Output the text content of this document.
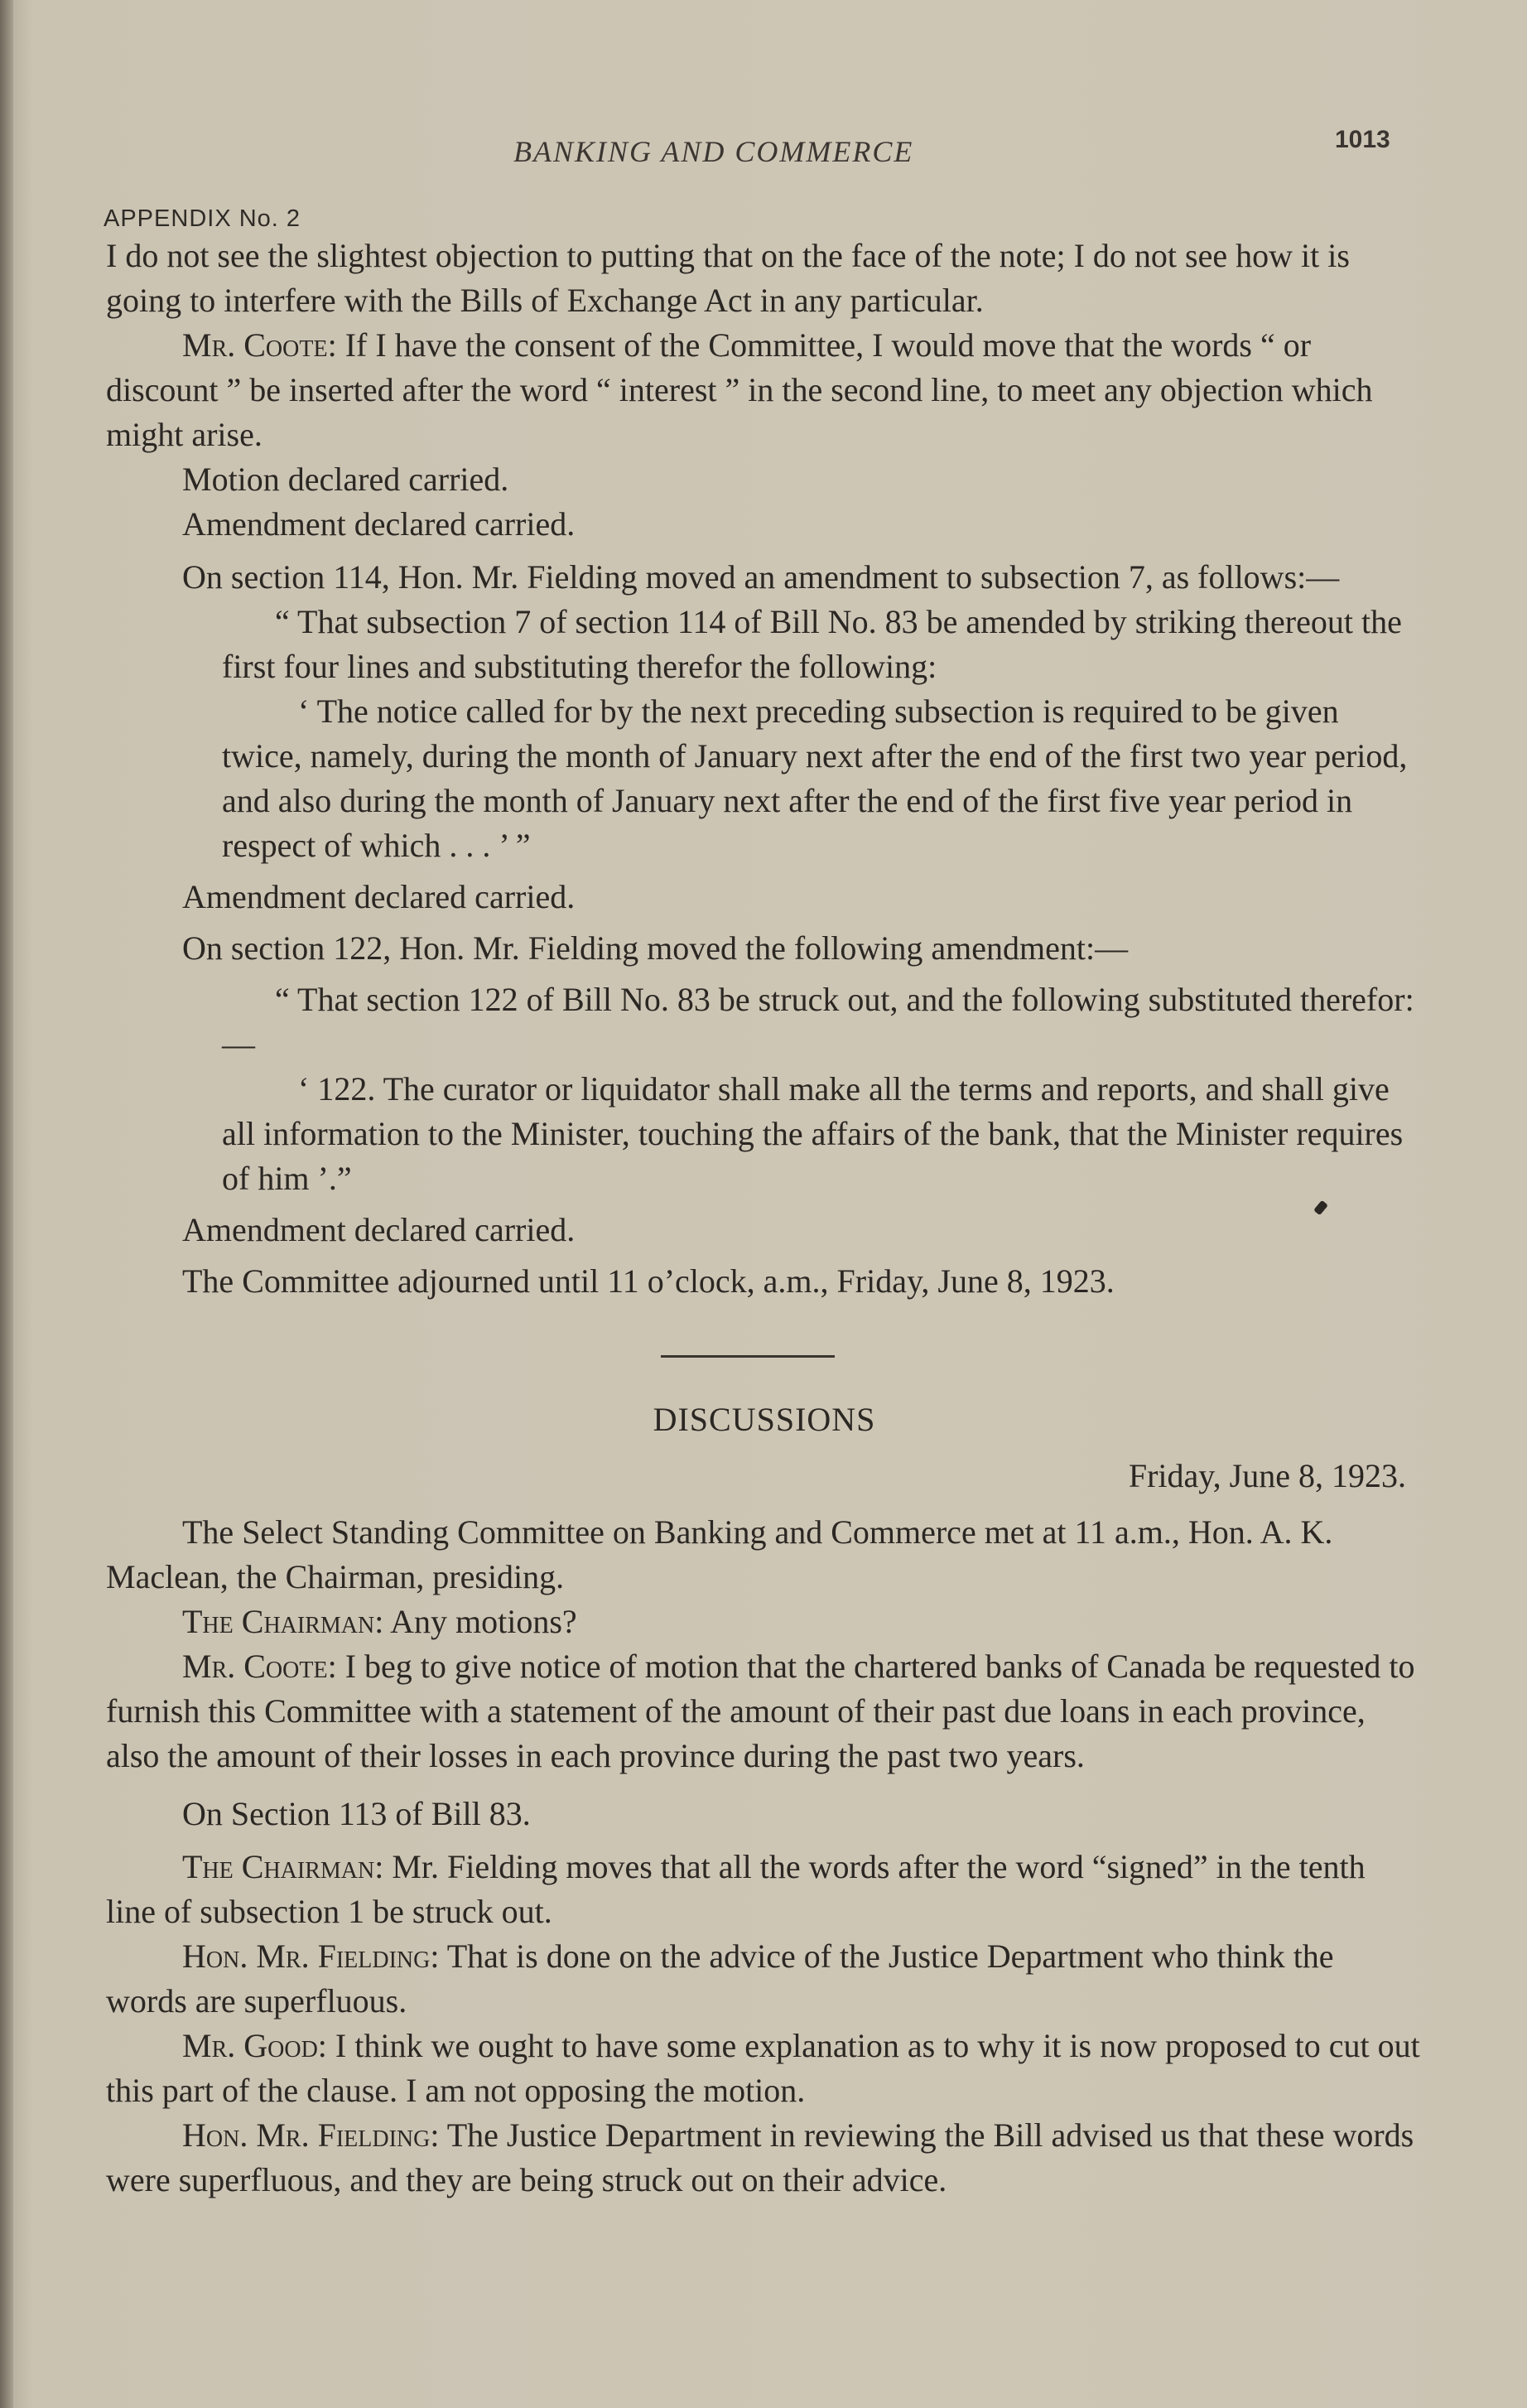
BANKING AND COMMERCE	1013
APPENDIX No. 2

I do not see the slightest objection to putting that on the face of the note; I do not see how it is going to interfere with the Bills of Exchange Act in any particular.

Mr. Coote: If I have the consent of the Committee, I would move that the words “ or discount ” be inserted after the word “ interest ” in the second line, to meet any objection which might arise.

Motion declared carried.

Amendment declared carried.

On section 114, Hon. Mr. Fielding moved an amendment to subsection 7, as follows:—

“ That subsection 7 of section 114 of Bill No. 83 be amended by striking thereout the first four lines and substituting therefor the following:

‘ The notice called for by the next preceding subsection is required to be given twice, namely, during the month of January next after the end of the first two year period, and also during the month of January next after the end of the first five year period in respect of which . . . ’ ”

Amendment declared carried.

On section 122, Hon. Mr. Fielding moved the following amendment:—

“ That section 122 of Bill No. 83 be struck out, and the following substituted therefor:—

‘ 122. The curator or liquidator shall make all the terms and reports, and shall give all information to the Minister, touching the affairs of the bank, that the Minister requires of him ’.”

Amendment declared carried.

The Committee adjourned until 11 o’clock, a.m., Friday, June 8, 1923.

DISCUSSIONS

Friday, June 8, 1923.

The Select Standing Committee on Banking and Commerce met at 11 a.m., Hon. A. K. Maclean, the Chairman, presiding.

The Chairman: Any motions?

Mr. Coote: I beg to give notice of motion that the chartered banks of Canada be requested to furnish this Committee with a statement of the amount of their past due loans in each province, also the amount of their losses in each province during the past two years.

On Section 113 of Bill 83.

The Chairman: Mr. Fielding moves that all the words after the word “signed” in the tenth line of subsection 1 be struck out.

Hon. Mr. Fielding: That is done on the advice of the Justice Department who think the words are superfluous.

Mr. Good: I think we ought to have some explanation as to why it is now proposed to cut out this part of the clause. I am not opposing the motion.

Hon. Mr. Fielding: The Justice Department in reviewing the Bill advised us that these words were superfluous, and they are being struck out on their advice.
